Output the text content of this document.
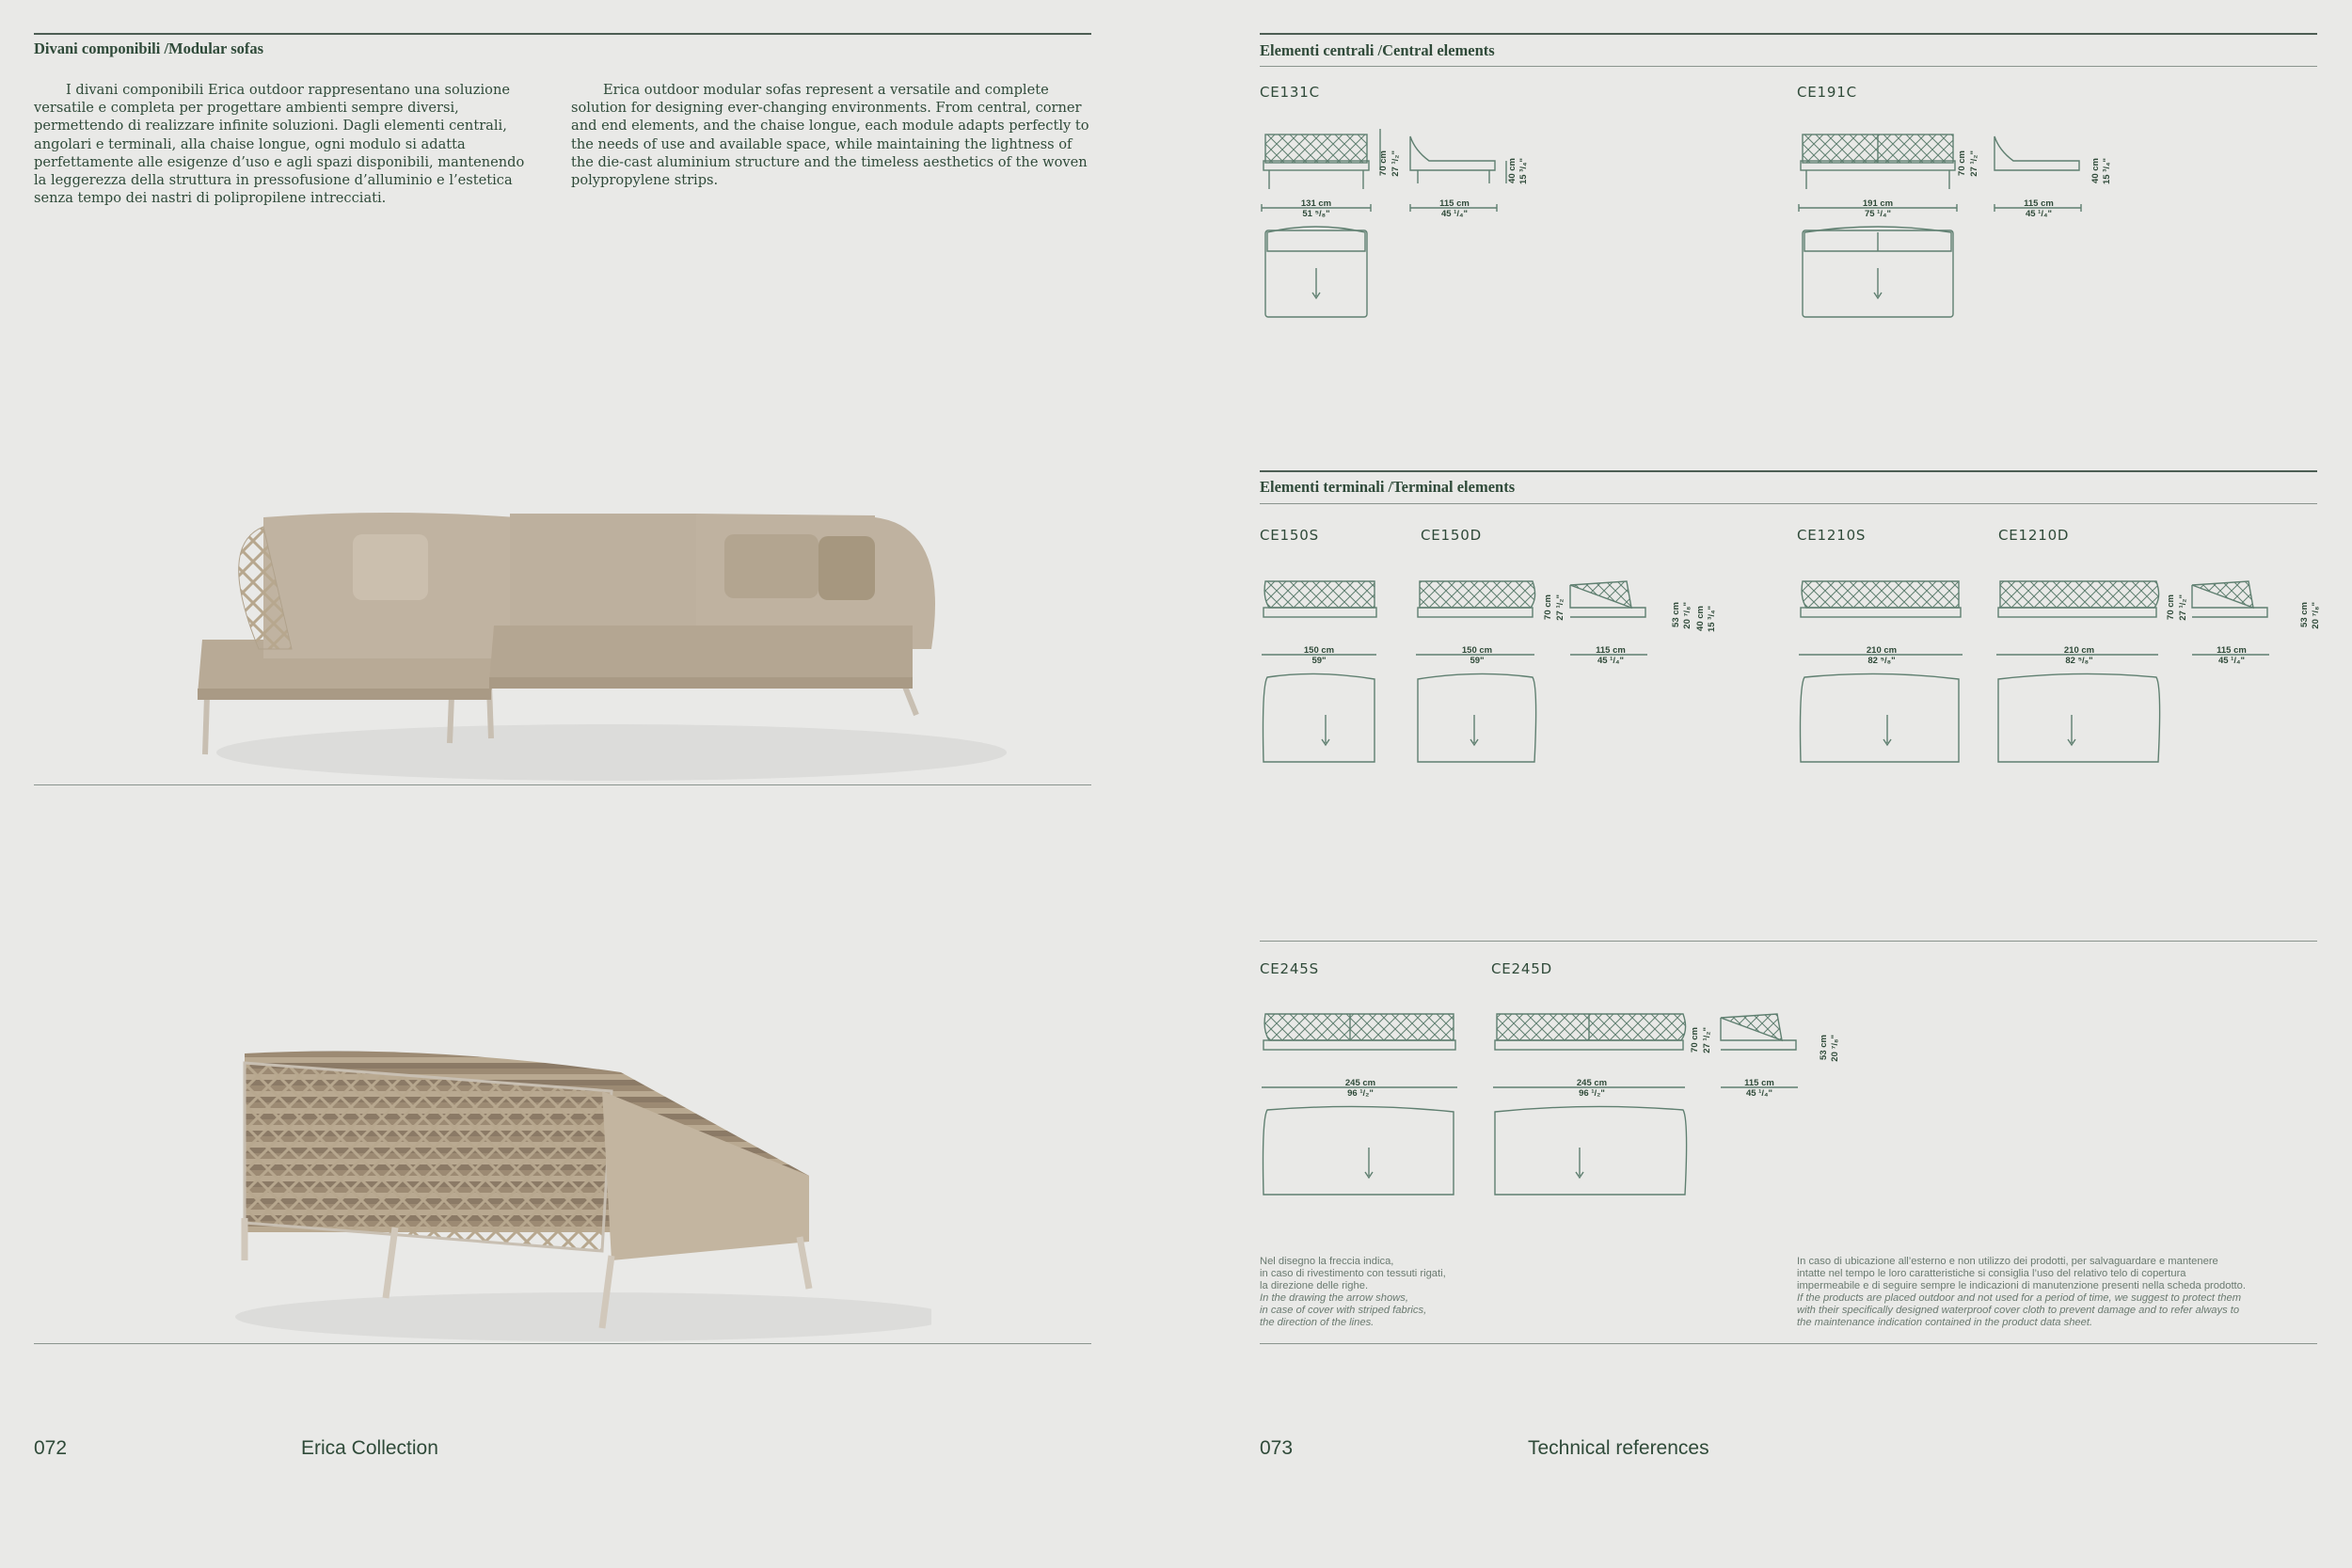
Divani componibili /Modular sofas

I divani componibili Erica outdoor rappresentano una soluzione versatile e completa per progettare ambienti sempre diversi, permettendo di realizzare infinite soluzioni. Dagli elementi centrali, angolari e terminali, alla chaise longue, ogni modulo si adatta perfettamente alle esigenze d’uso e agli spazi disponibili, mantenendo la leggerezza della struttura in pressofusione d’alluminio e l’estetica senza tempo dei nastri di polipropilene intrecciati.

Erica outdoor modular sofas represent a versatile and complete solution for designing ever-changing environments. From central, corner and end elements, and the chaise longue, each module adapts perfectly to the needs of use and available space, while maintaining the lightness of the die-cast aluminium structure and the timeless aesthetics of the woven polypropylene strips.

072	Erica Collection
Elementi centrali /Central elements
CE131C
131 cm
51 ⁵/₈"
115 cm
45 ¹/₄"
70 cm 27 ¹/₂"	40 cm 15 ³/₄"
CE191C
191 cm
75 ¹/₄"
115 cm
45 ¹/₄"
70 cm 27 ¹/₂"	40 cm 15 ³/₄"
Elementi terminali /Terminal elements
CE150S	CE150D
150 cm
59"
150 cm
59"
115 cm
45 ¹/₄"
70 cm 27 ¹/₂"	53 cm 20 ⁷/₈" 40 cm 15 ³/₄"
CE1210S	CE1210D
210 cm
82 ⁵/₈"
210 cm
82 ⁵/₈"
115 cm
45 ¹/₄"
70 cm 27 ¹/₂"	53 cm 20 ⁷/₈"
CE245S	CE245D
245 cm
96 ¹/₂"
245 cm
96 ¹/₂"
115 cm
45 ¹/₄"
70 cm 27 ¹/₂"	53 cm 20 ⁷/₈"
Nel disegno la freccia indica,
in caso di rivestimento con tessuti rigati,
la direzione delle righe.
In the drawing the arrow shows,
in case of cover with striped fabrics,
the direction of the lines.
In caso di ubicazione all’esterno e non utilizzo dei prodotti, per salvaguardare e mantenere
intatte nel tempo le loro caratteristiche si consiglia l’uso del relativo telo di copertura
impermeabile e di seguire sempre le indicazioni di manutenzione presenti nella scheda prodotto.
If the products are placed outdoor and not used for a period of time, we suggest to protect them
with their specifically designed waterproof cover cloth to prevent damage and to refer always to
the maintenance indication contained in the product data sheet.
073	Technical references
